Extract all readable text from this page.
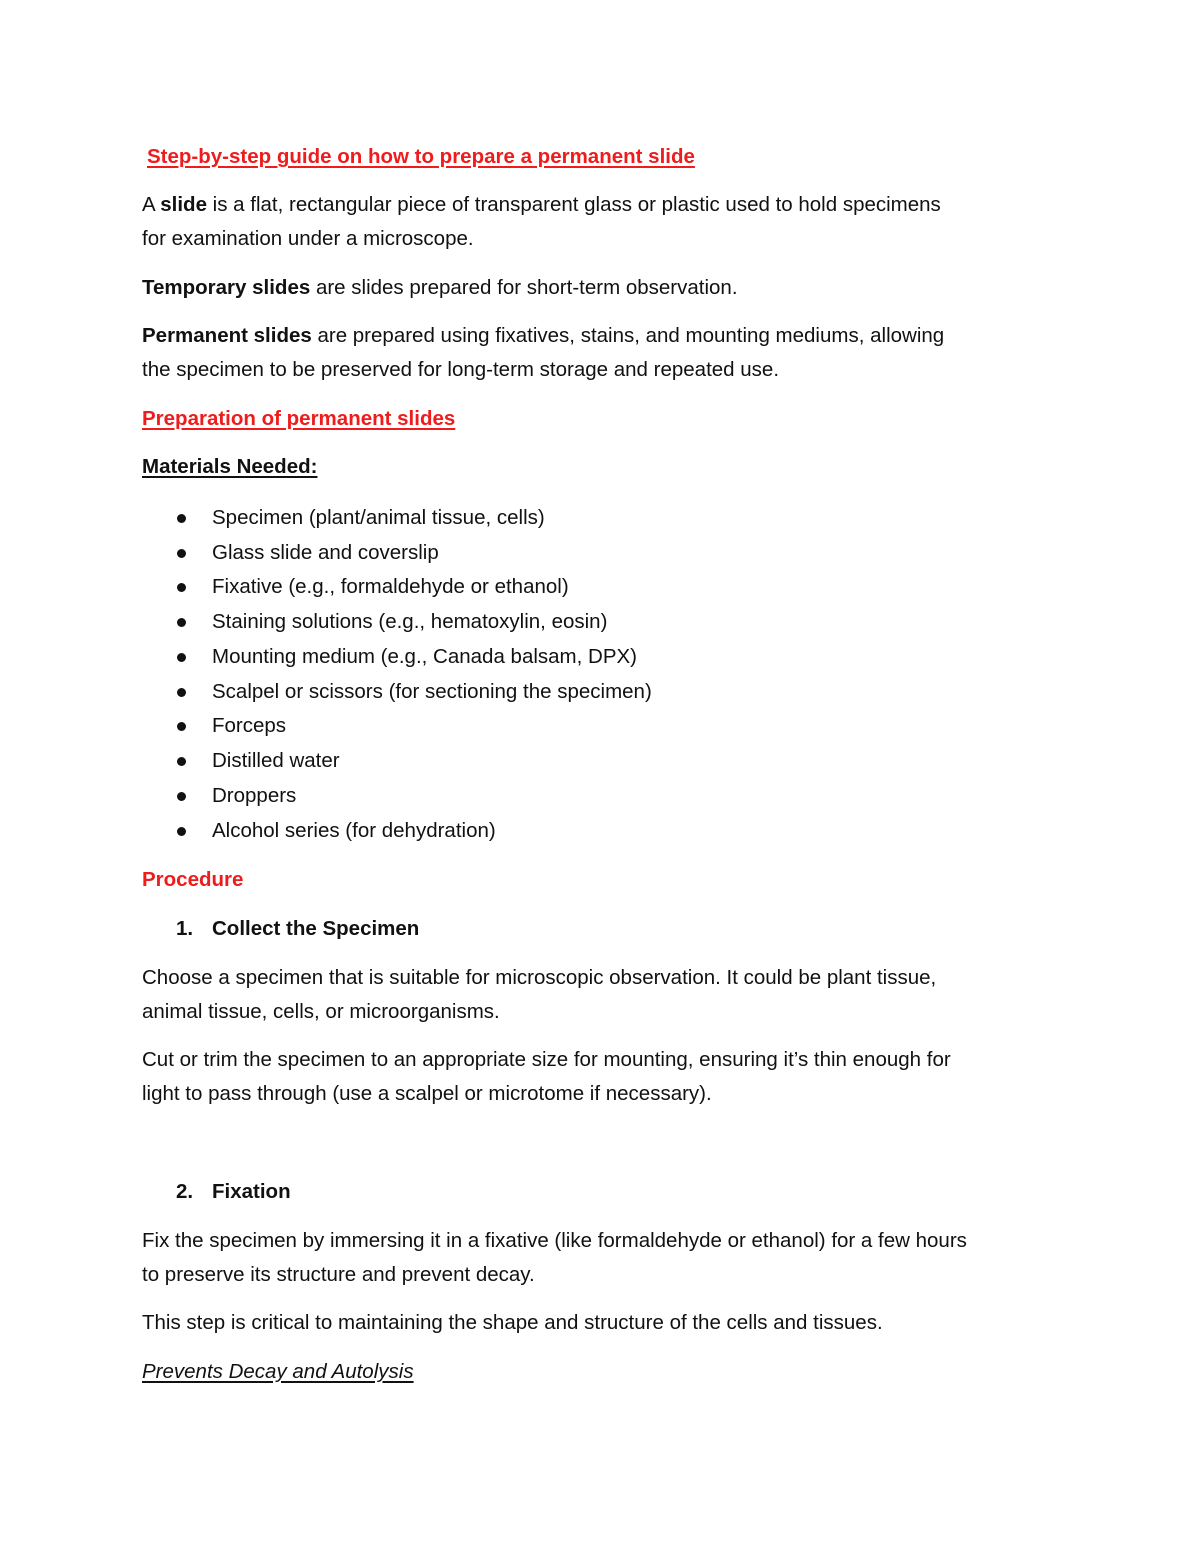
Step-by-step guide on how to prepare a permanent slide
A slide is a flat, rectangular piece of transparent glass or plastic used to hold specimens
for examination under a microscope.
Temporary slides are slides prepared for short-term observation.
Permanent slides are prepared using fixatives, stains, and mounting mediums, allowing
the specimen to be preserved for long-term storage and repeated use.
Preparation of permanent slides
Materials Needed:
Specimen (plant/animal tissue, cells)
Glass slide and coverslip
Fixative (e.g., formaldehyde or ethanol)
Staining solutions (e.g., hematoxylin, eosin)
Mounting medium (e.g., Canada balsam, DPX)
Scalpel or scissors (for sectioning the specimen)
Forceps
Distilled water
Droppers
Alcohol series (for dehydration)
Procedure
1. Collect the Specimen
Choose a specimen that is suitable for microscopic observation. It could be plant tissue,
animal tissue, cells, or microorganisms.
Cut or trim the specimen to an appropriate size for mounting, ensuring it’s thin enough for
light to pass through (use a scalpel or microtome if necessary).
2. Fixation
Fix the specimen by immersing it in a fixative (like formaldehyde or ethanol) for a few hours
to preserve its structure and prevent decay.
This step is critical to maintaining the shape and structure of the cells and tissues.
Prevents Decay and Autolysis
